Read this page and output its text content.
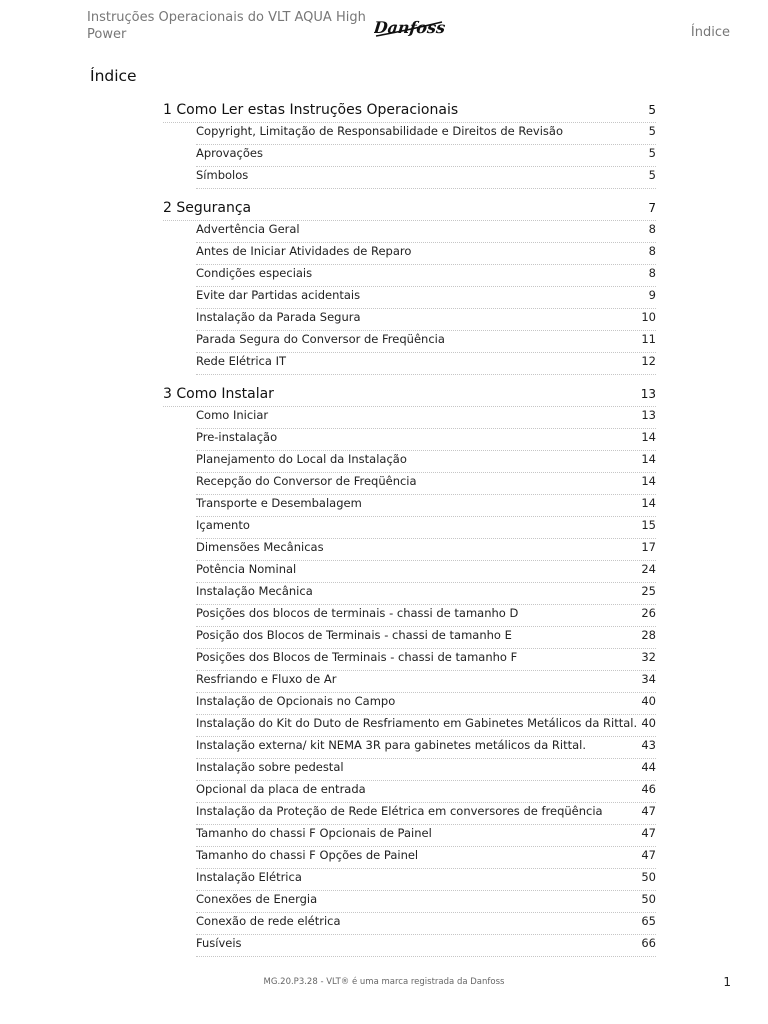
Instruções Operacionais do VLT AQUA High Power	Danfoss	Índice
Índice
1 Como Ler estas Instruções Operacionais	5
Copyright, Limitação de Responsabilidade e Direitos de Revisão	5
Aprovações	5
Símbolos	5
2 Segurança	7
Advertência Geral	8
Antes de Iniciar Atividades de Reparo	8
Condições especiais	8
Evite dar Partidas acidentais	9
Instalação da Parada Segura	10
Parada Segura do Conversor de Freqüência	11
Rede Elétrica IT	12
3 Como Instalar	13
Como Iniciar	13
Pre-instalação	14
Planejamento do Local da Instalação	14
Recepção do Conversor de Freqüência	14
Transporte e Desembalagem	14
Içamento	15
Dimensões Mecânicas	17
Potência Nominal	24
Instalação Mecânica	25
Posições dos blocos de terminais - chassi de tamanho D	26
Posição dos Blocos de Terminais - chassi de tamanho E	28
Posições dos Blocos de Terminais - chassi de tamanho F	32
Resfriando e Fluxo de Ar	34
Instalação de Opcionais no Campo	40
Instalação do Kit do Duto de Resfriamento em Gabinetes Metálicos da Rittal. 40
Instalação externa/ kit NEMA 3R para gabinetes metálicos da Rittal.	43
Instalação sobre pedestal	44
Opcional da placa de entrada	46
Instalação da Proteção de Rede Elétrica em conversores de freqüência	47
Tamanho do chassi F Opcionais de Painel	47
Tamanho do chassi F Opções de Painel	47
Instalação Elétrica	50
Conexões de Energia	50
Conexão de rede elétrica	65
Fusíveis	66
MG.20.P3.28 - VLT® é uma marca registrada da Danfoss	1
